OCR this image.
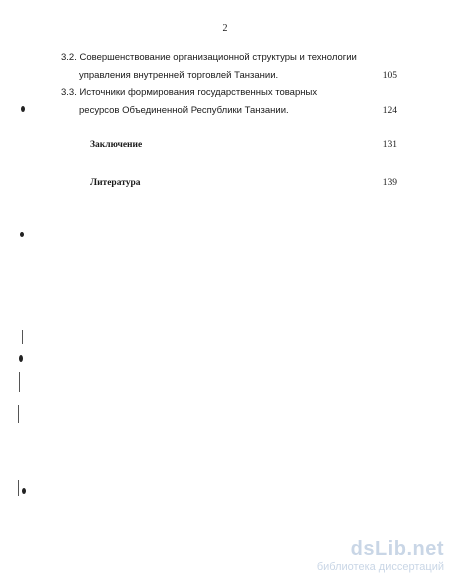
2
3.2. Совершенствование организационной структуры и технологии
управления внутренней торговлей Танзании.	105
3.3. Источники формирования государственных товарных
ресурсов Объединенной Республики Танзании.	124
Заключение	131
Литература	139
dsLib.net
библиотека диссертаций
